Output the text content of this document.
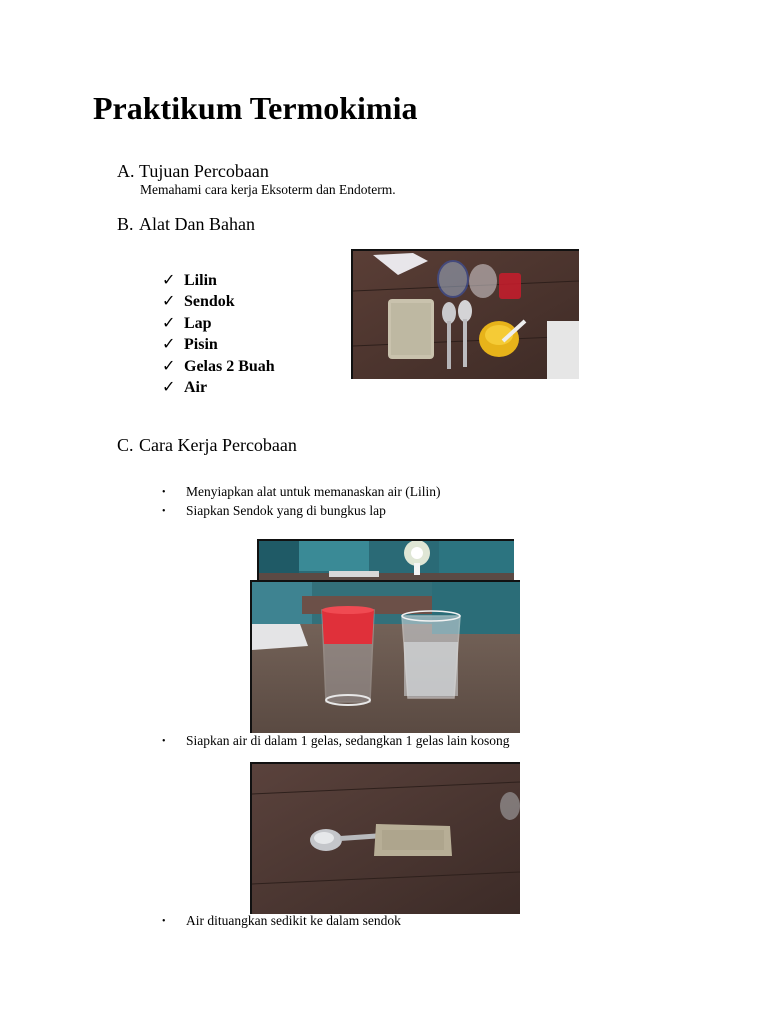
Praktikum Termokimia
A. Tujuan Percobaan
Memahami cara kerja Eksoterm dan Endoterm.
B. Alat Dan Bahan
✓ Lilin
✓ Sendok
✓ Lap
✓ Pisin
✓ Gelas 2 Buah
✓ Air
C. Cara Kerja Percobaan
• Menyiapkan alat untuk memanaskan air (Lilin)
• Siapkan Sendok yang di bungkus lap
• Siapkan air di dalam 1 gelas, sedangkan 1 gelas lain kosong
• Air dituangkan sedikit ke dalam sendok
